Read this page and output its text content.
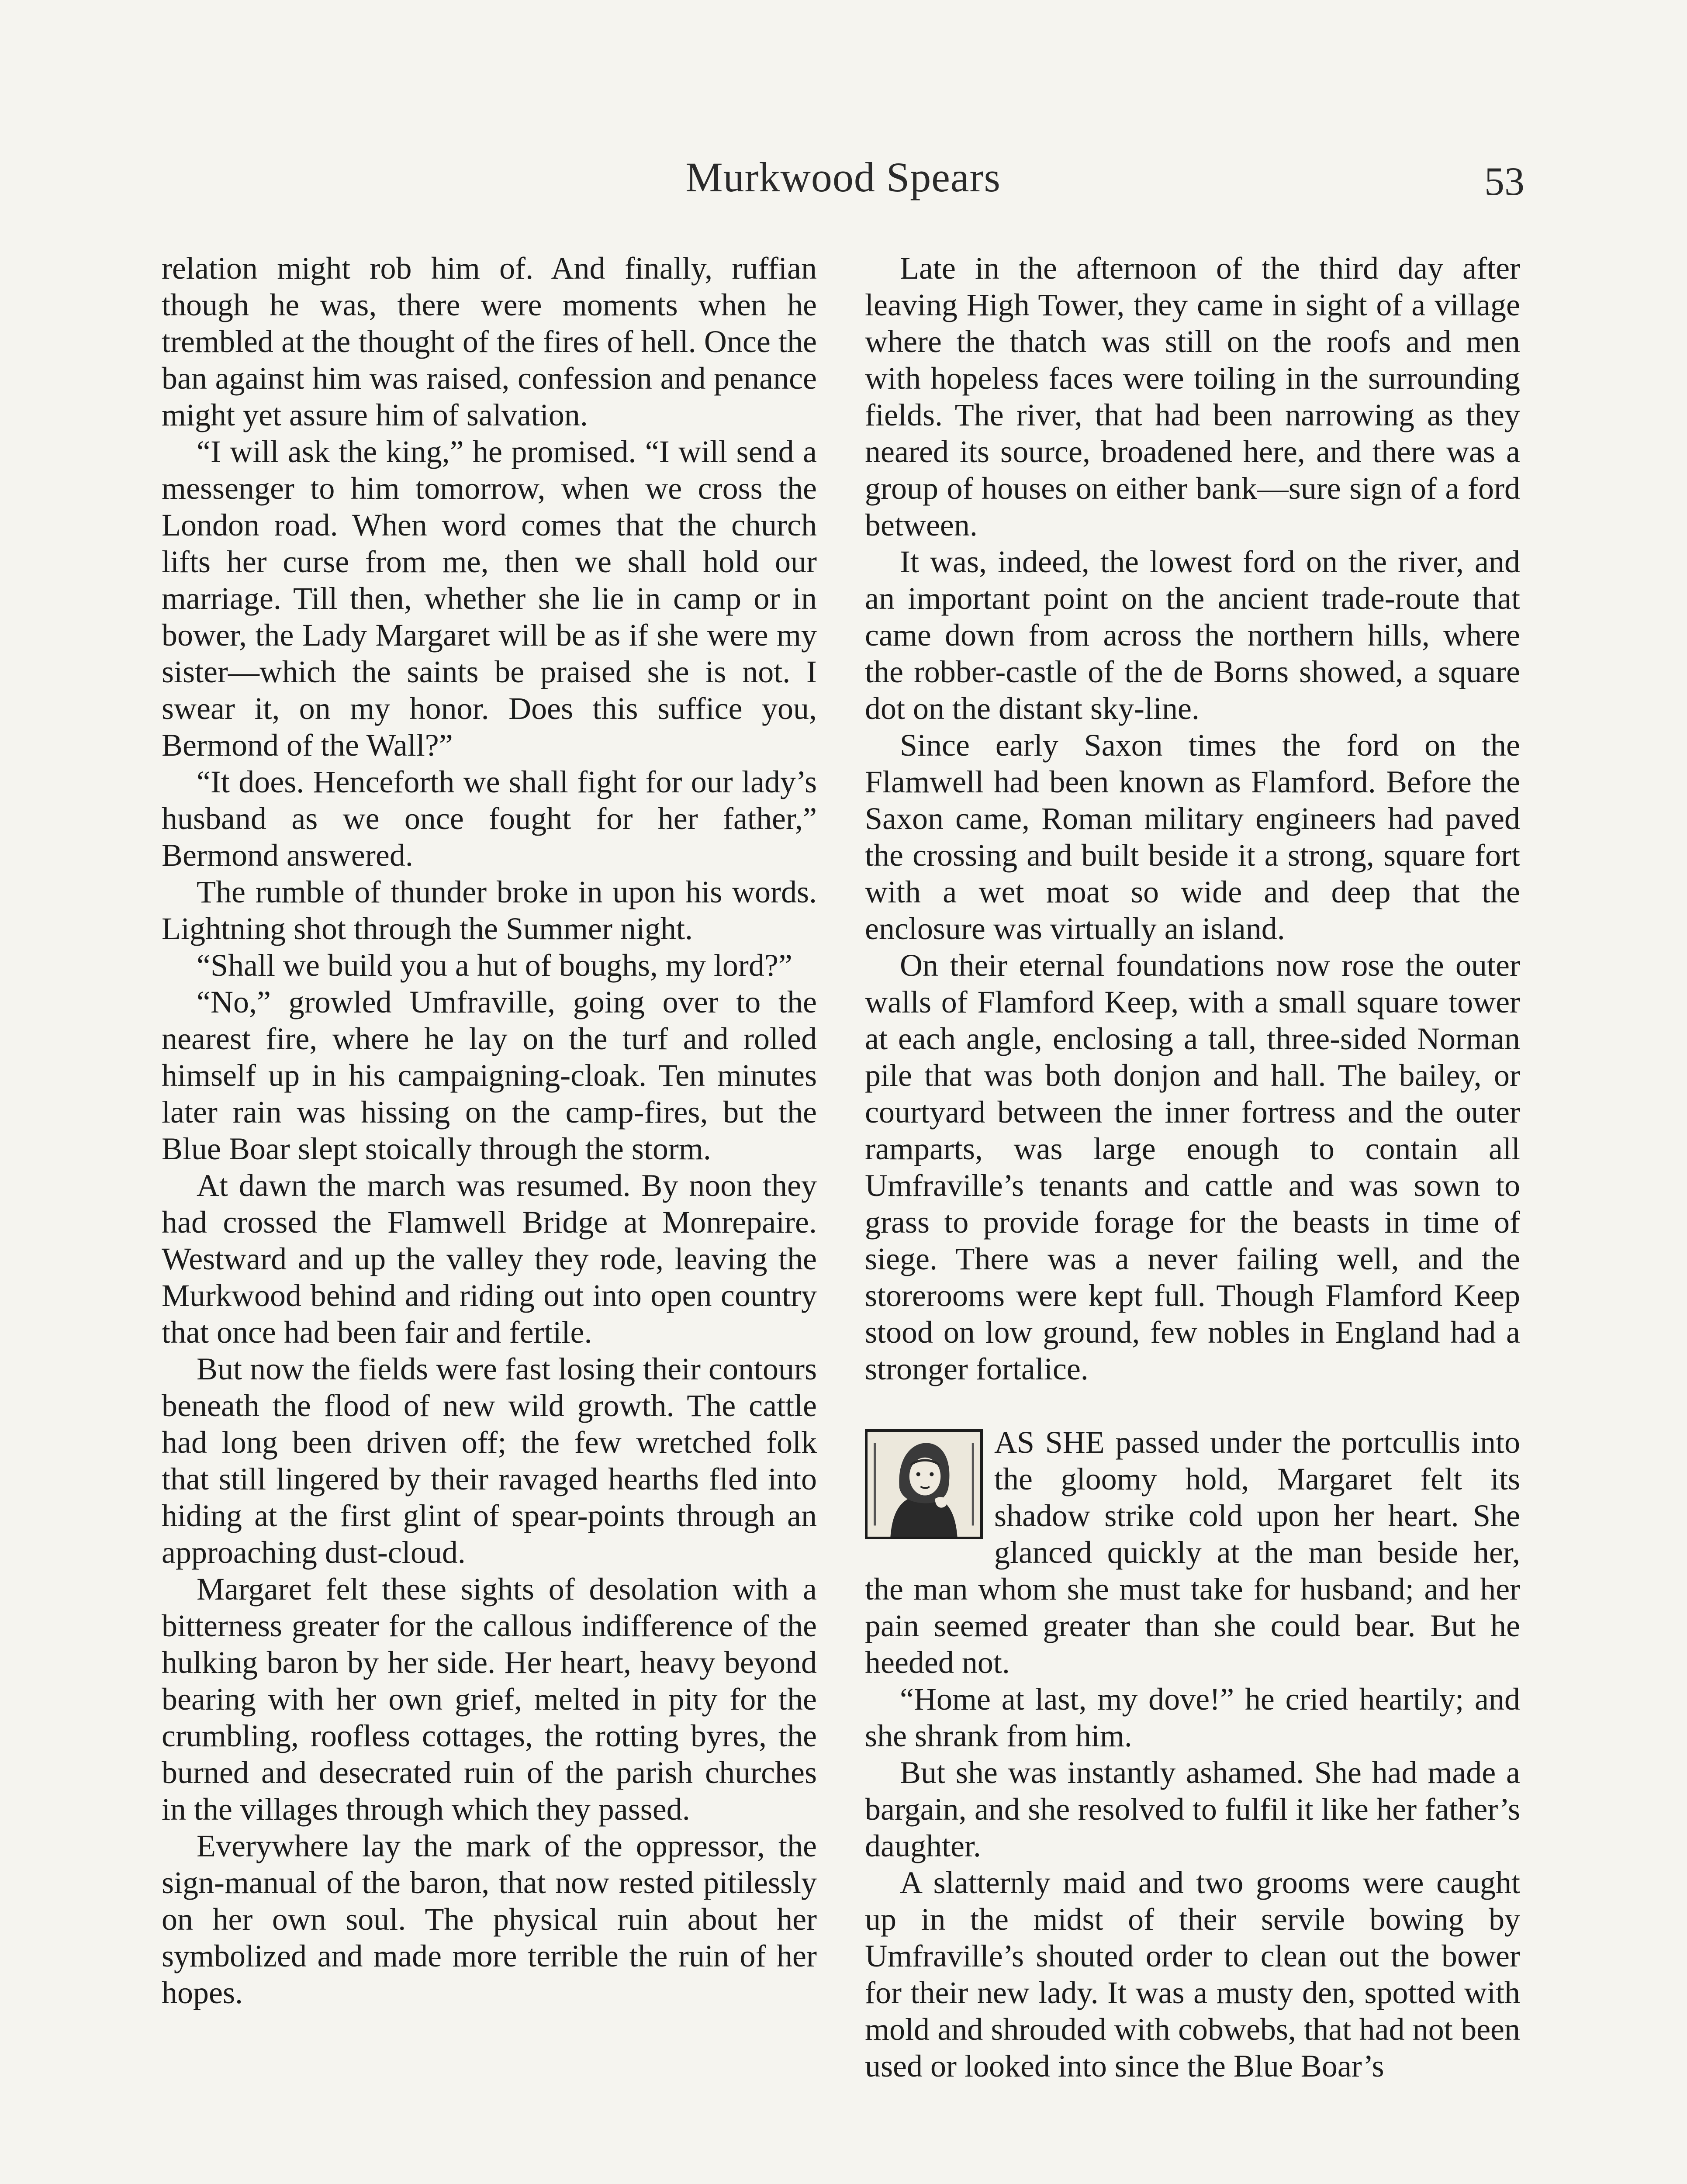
Murkwood Spears	53

relation might rob him of. And finally, ruffian though he was, there were moments when he trembled at the thought of the fires of hell. Once the ban against him was raised, confession and penance might yet assure him of salvation.

“I will ask the king,” he promised. “I will send a messenger to him tomorrow, when we cross the London road. When word comes that the church lifts her curse from me, then we shall hold our marriage. Till then, whether she lie in camp or in bower, the Lady Margaret will be as if she were my sister—which the saints be praised she is not. I swear it, on my honor. Does this suffice you, Bermond of the Wall?”

“It does. Henceforth we shall fight for our lady’s husband as we once fought for her father,” Bermond answered.

The rumble of thunder broke in upon his words. Lightning shot through the Summer night.

“Shall we build you a hut of boughs, my lord?”

“No,” growled Umfraville, going over to the nearest fire, where he lay on the turf and rolled himself up in his campaigning-cloak. Ten minutes later rain was hissing on the camp-fires, but the Blue Boar slept stoically through the storm.

At dawn the march was resumed. By noon they had crossed the Flamwell Bridge at Monrepaire. Westward and up the valley they rode, leaving the Murkwood behind and riding out into open country that once had been fair and fertile.

But now the fields were fast losing their contours beneath the flood of new wild growth. The cattle had long been driven off; the few wretched folk that still lingered by their ravaged hearths fled into hiding at the first glint of spear-points through an approaching dust-cloud.

Margaret felt these sights of desolation with a bitterness greater for the callous indifference of the hulking baron by her side. Her heart, heavy beyond bearing with her own grief, melted in pity for the crumbling, roofless cottages, the rotting byres, the burned and desecrated ruin of the parish churches in the villages through which they passed.

Everywhere lay the mark of the oppressor, the sign-manual of the baron, that now rested pitilessly on her own soul. The physical ruin about her symbolized and made more terrible the ruin of her hopes.

Late in the afternoon of the third day after leaving High Tower, they came in sight of a village where the thatch was still on the roofs and men with hopeless faces were toiling in the surrounding fields. The river, that had been narrowing as they neared its source, broadened here, and there was a group of houses on either bank—sure sign of a ford between.

It was, indeed, the lowest ford on the river, and an important point on the ancient trade-route that came down from across the northern hills, where the robber-castle of the de Borns showed, a square dot on the distant sky-line.

Since early Saxon times the ford on the Flamwell had been known as Flamford. Before the Saxon came, Roman military engineers had paved the crossing and built beside it a strong, square fort with a wet moat so wide and deep that the enclosure was virtually an island.

On their eternal foundations now rose the outer walls of Flamford Keep, with a small square tower at each angle, enclosing a tall, three-sided Norman pile that was both donjon and hall. The bailey, or courtyard between the inner fortress and the outer ramparts, was large enough to contain all Umfraville’s tenants and cattle and was sown to grass to provide forage for the beasts in time of siege. There was a never failing well, and the storerooms were kept full. Though Flamford Keep stood on low ground, few nobles in England had a stronger fortalice.

AS SHE passed under the portcullis into the gloomy hold, Margaret felt its shadow strike cold upon her heart. She glanced quickly at the man beside her, the man whom she must take for husband; and her pain seemed greater than she could bear. But he heeded not.

“Home at last, my dove!” he cried heartily; and she shrank from him.

But she was instantly ashamed. She had made a bargain, and she resolved to fulfil it like her father’s daughter.

A slatternly maid and two grooms were caught up in the midst of their servile bowing by Umfraville’s shouted order to clean out the bower for their new lady. It was a musty den, spotted with mold and shrouded with cobwebs, that had not been used or looked into since the Blue Boar’s
